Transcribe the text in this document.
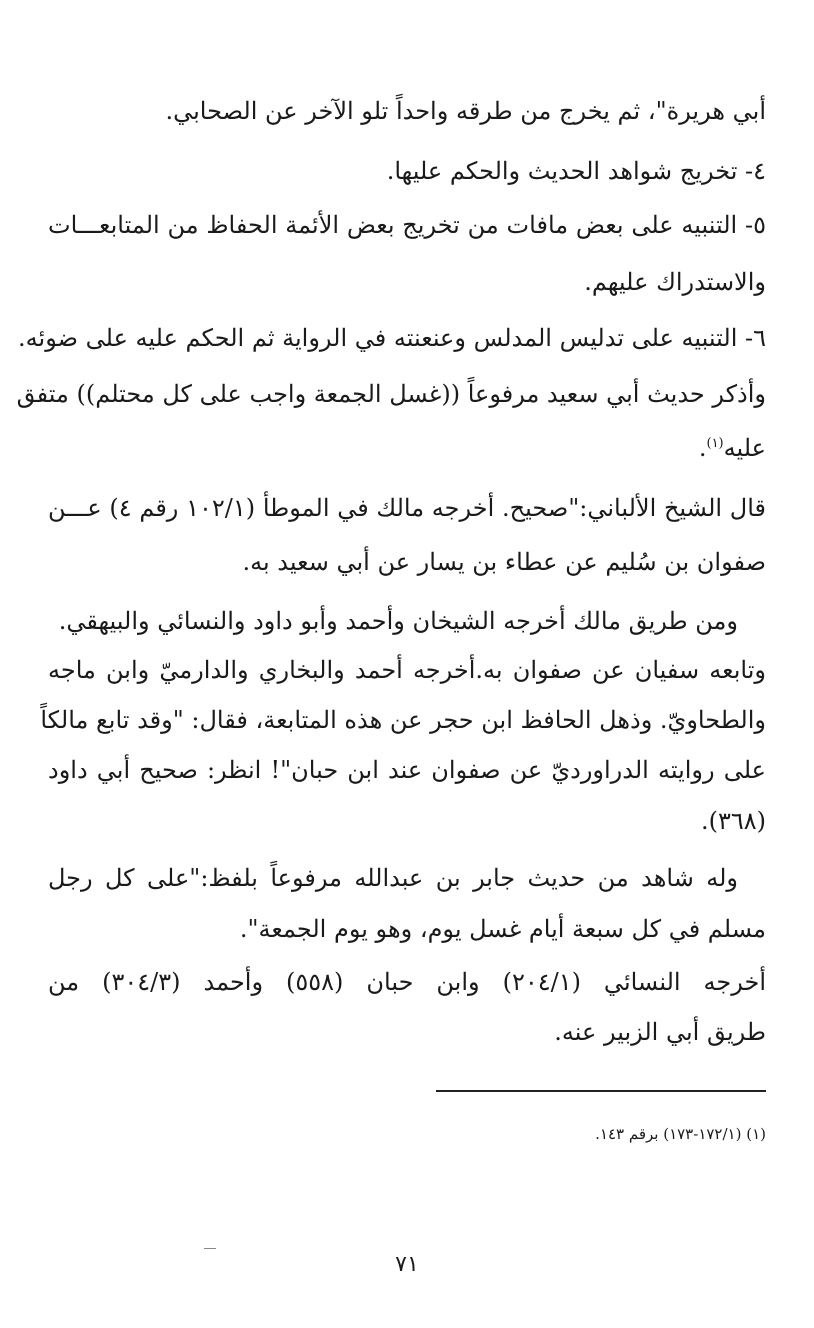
أبي هريرة"، ثم يخرج من طرقه واحداً تلو الآخر عن الصحابي.
٤- تخريج شواهد الحديث والحكم عليها.
٥- التنبيه على بعض مافات من تخريج بعض الأئمة الحفاظ من المتابعـــات
والاستدراك عليهم.
٦- التنبيه على تدليس المدلس وعنعنته في الرواية ثم الحكم عليه على ضوئه.
وأذكر حديث أبي سعيد مرفوعاً ((غسل الجمعة واجب على كل محتلم)) متفق
عليه$^{(١)}$.
قال الشيخ الألباني:"صحيح. أخرجه مالك في الموطأ (١٠٢/١ رقم ٤) عـــن
صفوان بن سُليم عن عطاء بن يسار عن أبي سعيد به.
ومن طريق مالك أخرجه الشيخان وأحمد وأبو داود والنسائي والبيهقي.
وتابعه سفيان عن صفوان به.أخرجه أحمد والبخاري والدارميّ وابن ماجه
والطحاويّ. وذهل الحافظ ابن حجر عن هذه المتابعة، فقال: "وقد تابع مالكاً
على روايته الدراورديّ عن صفوان عند ابن حبان"! انظر: صحيح أبي داود
(٣٦٨).
وله شاهد من حديث جابر بن عبدالله مرفوعاً بلفظ:"على كل رجل
مسلم في كل سبعة أيام غسل يوم، وهو يوم الجمعة".
أخرجه النسائي (٢٠٤/١) وابن حبان (٥٥٨) وأحمد (٣٠٤/٣) من
طريق أبي الزبير عنه.
(١) (١٧٢/١-١٧٣) برقم ١٤٣.
٧١
